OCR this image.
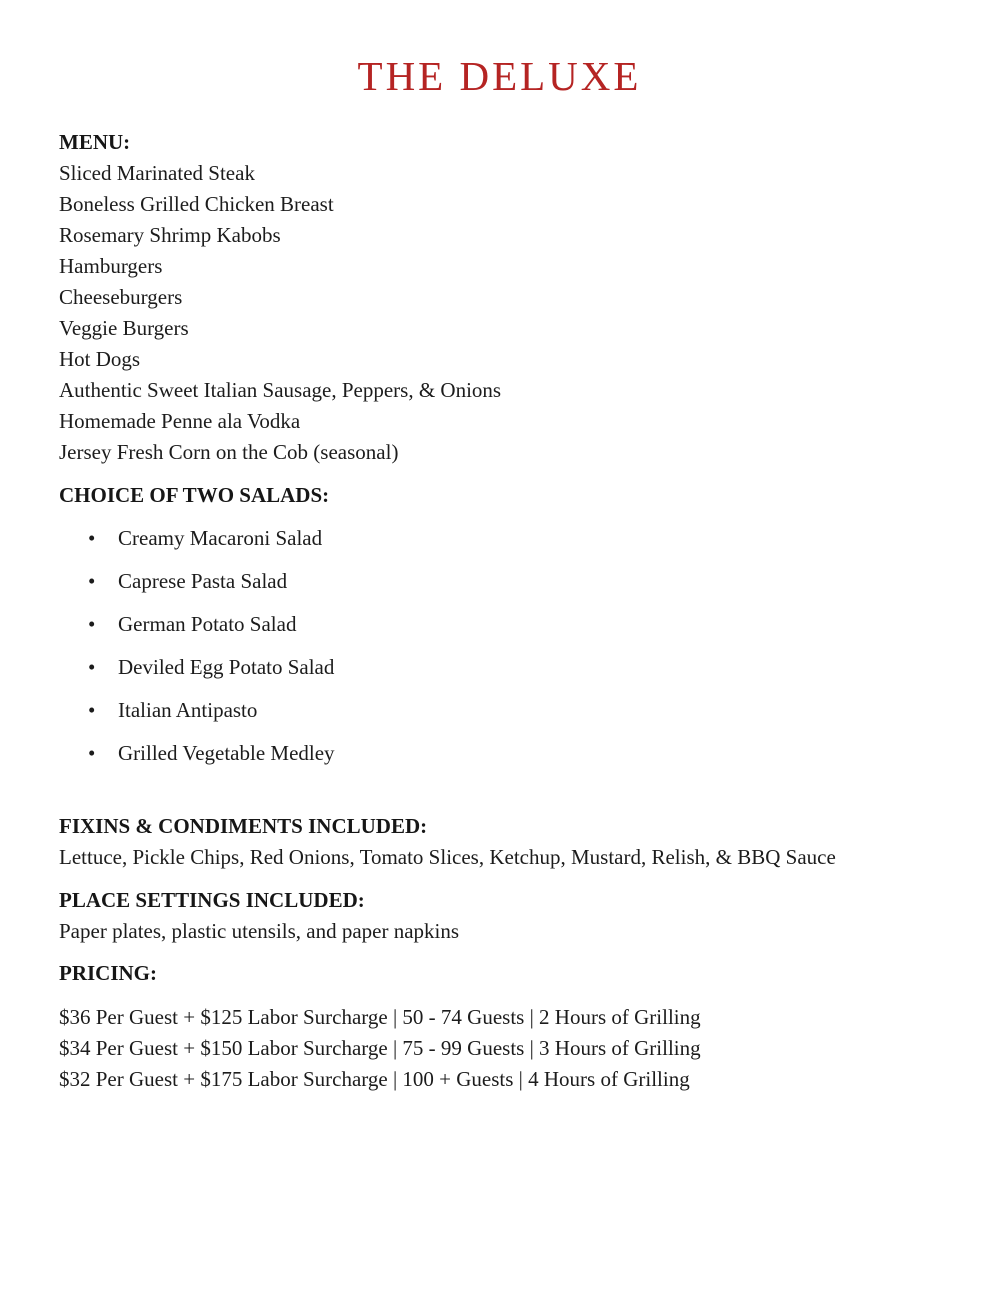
THE DELUXE
MENU:
Sliced Marinated Steak
Boneless Grilled Chicken Breast
Rosemary Shrimp Kabobs
Hamburgers
Cheeseburgers
Veggie Burgers
Hot Dogs
Authentic Sweet Italian Sausage, Peppers, & Onions
Homemade Penne ala Vodka
Jersey Fresh Corn on the Cob (seasonal)
CHOICE OF TWO SALADS:
• Creamy Macaroni Salad
• Caprese Pasta Salad
• German Potato Salad
• Deviled Egg Potato Salad
• Italian Antipasto
• Grilled Vegetable Medley
FIXINS & CONDIMENTS INCLUDED:

Lettuce, Pickle Chips, Red Onions, Tomato Slices, Ketchup, Mustard, Relish, & BBQ Sauce

PLACE SETTINGS INCLUDED:

Paper plates, plastic utensils, and paper napkins

PRICING:
$36 Per Guest + $125 Labor Surcharge | 50 - 74 Guests | 2 Hours of Grilling
$34 Per Guest + $150 Labor Surcharge | 75 - 99 Guests | 3 Hours of Grilling
$32 Per Guest + $175 Labor Surcharge | 100 + Guests | 4 Hours of Grilling
